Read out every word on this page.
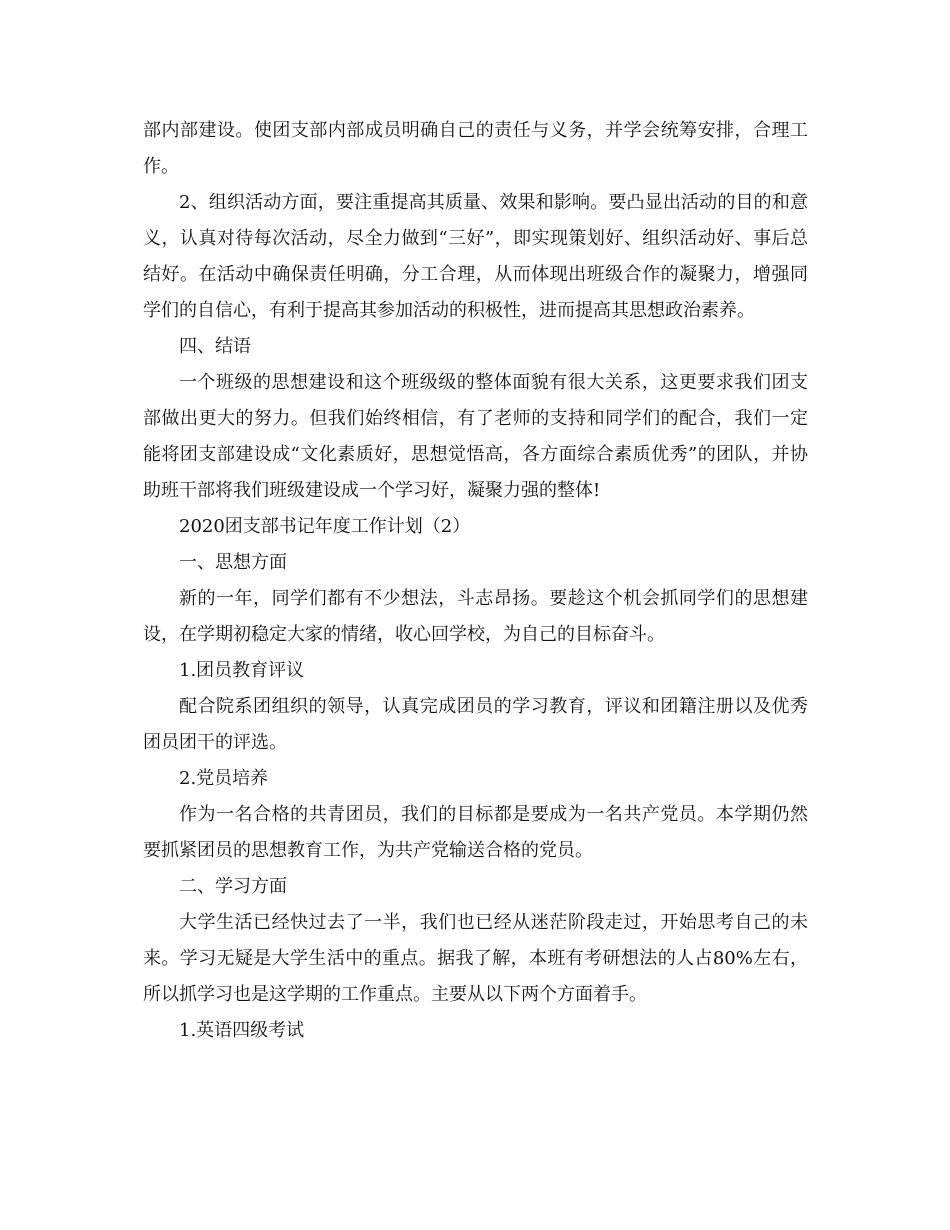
部内部建设。使团支部内部成员明确自己的责任与义务，并学会统筹安排，合理工作。

2、组织活动方面，要注重提高其质量、效果和影响。要凸显出活动的目的和意义，认真对待每次活动，尽全力做到“三好”，即实现策划好、组织活动好、事后总结好。在活动中确保责任明确，分工合理，从而体现出班级合作的凝聚力，增强同学们的自信心，有利于提高其参加活动的积极性，进而提高其思想政治素养。

四、结语

一个班级的思想建设和这个班级级的整体面貌有很大关系，这更要求我们团支部做出更大的努力。但我们始终相信，有了老师的支持和同学们的配合，我们一定能将团支部建设成“文化素质好，思想觉悟高，各方面综合素质优秀”的团队，并协助班干部将我们班级建设成一个学习好，凝聚力强的整体!

2020团支部书记年度工作计划（2）

一、思想方面

新的一年，同学们都有不少想法，斗志昂扬。要趁这个机会抓同学们的思想建设，在学期初稳定大家的情绪，收心回学校，为自己的目标奋斗。

1.团员教育评议

配合院系团组织的领导，认真完成团员的学习教育，评议和团籍注册以及优秀团员团干的评选。

2.党员培养

作为一名合格的共青团员，我们的目标都是要成为一名共产党员。本学期仍然要抓紧团员的思想教育工作，为共产党输送合格的党员。

二、学习方面

大学生活已经快过去了一半，我们也已经从迷茫阶段走过，开始思考自己的未来。学习无疑是大学生活中的重点。据我了解，本班有考研想法的人占80%左右，所以抓学习也是这学期的工作重点。主要从以下两个方面着手。

1.英语四级考试
